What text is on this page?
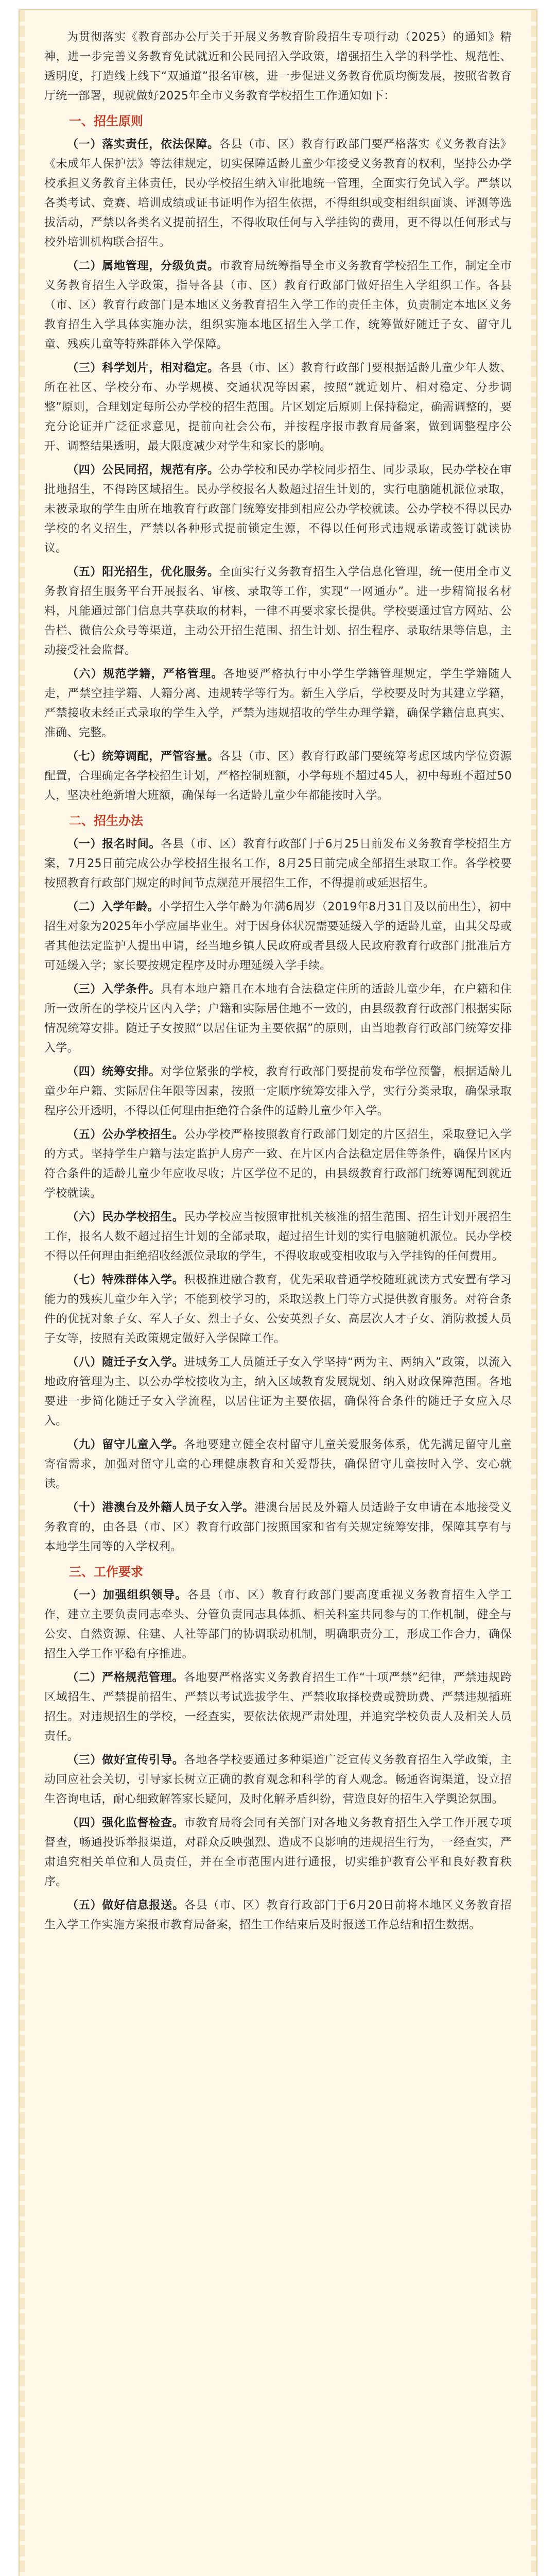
为贯彻落实《教育部办公厅关于开展义务教育阶段招生专项行动（2025）的通知》精神，进一步完善义务教育免试就近和公民同招入学政策，增强招生入学的科学性、规范性、透明度，打造线上线下“双通道”报名审核，进一步促进义务教育优质均衡发展，按照省教育厅统一部署，现就做好2025年全市义务教育学校招生工作通知如下：

一、招生原则

（一）落实责任，依法保障。各县（市、区）教育行政部门要严格落实《义务教育法》《未成年人保护法》等法律规定，切实保障适龄儿童少年接受义务教育的权利，坚持公办学校承担义务教育主体责任，民办学校招生纳入审批地统一管理，全面实行免试入学。严禁以各类考试、竞赛、培训成绩或证书证明作为招生依据，不得组织或变相组织面谈、评测等选拔活动，严禁以各类名义提前招生，不得收取任何与入学挂钩的费用，更不得以任何形式与校外培训机构联合招生。

（二）属地管理，分级负责。市教育局统筹指导全市义务教育学校招生工作，制定全市义务教育招生入学政策，指导各县（市、区）教育行政部门做好招生入学组织工作。各县（市、区）教育行政部门是本地区义务教育招生入学工作的责任主体，负责制定本地区义务教育招生入学具体实施办法，组织实施本地区招生入学工作，统筹做好随迁子女、留守儿童、残疾儿童等特殊群体入学保障。

（三）科学划片，相对稳定。各县（市、区）教育行政部门要根据适龄儿童少年人数、所在社区、学校分布、办学规模、交通状况等因素，按照“就近划片、相对稳定、分步调整”原则，合理划定每所公办学校的招生范围。片区划定后原则上保持稳定，确需调整的，要充分论证并广泛征求意见，提前向社会公布，并按程序报市教育局备案，做到调整程序公开、调整结果透明，最大限度减少对学生和家长的影响。

（四）公民同招，规范有序。公办学校和民办学校同步招生、同步录取，民办学校在审批地招生，不得跨区域招生。民办学校报名人数超过招生计划的，实行电脑随机派位录取，未被录取的学生由所在地教育行政部门统筹安排到相应公办学校就读。公办学校不得以民办学校的名义招生，严禁以各种形式提前锁定生源，不得以任何形式违规承诺或签订就读协议。

（五）阳光招生，优化服务。全面实行义务教育招生入学信息化管理，统一使用全市义务教育招生服务平台开展报名、审核、录取等工作，实现“一网通办”。进一步精简报名材料，凡能通过部门信息共享获取的材料，一律不再要求家长提供。学校要通过官方网站、公告栏、微信公众号等渠道，主动公开招生范围、招生计划、招生程序、录取结果等信息，主动接受社会监督。

（六）规范学籍，严格管理。各地要严格执行中小学生学籍管理规定，学生学籍随人走，严禁空挂学籍、人籍分离、违规转学等行为。新生入学后，学校要及时为其建立学籍，严禁接收未经正式录取的学生入学，严禁为违规招收的学生办理学籍，确保学籍信息真实、准确、完整。

（七）统筹调配，严管容量。各县（市、区）教育行政部门要统筹考虑区域内学位资源配置，合理确定各学校招生计划，严格控制班额，小学每班不超过45人，初中每班不超过50人，坚决杜绝新增大班额，确保每一名适龄儿童少年都能按时入学。

二、招生办法

（一）报名时间。各县（市、区）教育行政部门于6月25日前发布义务教育学校招生方案，7月25日前完成公办学校招生报名工作，8月25日前完成全部招生录取工作。各学校要按照教育行政部门规定的时间节点规范开展招生工作，不得提前或延迟招生。

（二）入学年龄。小学招生入学年龄为年满6周岁（2019年8月31日及以前出生），初中招生对象为2025年小学应届毕业生。对于因身体状况需要延缓入学的适龄儿童，由其父母或者其他法定监护人提出申请，经当地乡镇人民政府或者县级人民政府教育行政部门批准后方可延缓入学；家长要按规定程序及时办理延缓入学手续。

（三）入学条件。具有本地户籍且在本地有合法稳定住所的适龄儿童少年，在户籍和住所一致所在的学校片区内入学；户籍和实际居住地不一致的，由县级教育行政部门根据实际情况统筹安排。随迁子女按照“以居住证为主要依据”的原则，由当地教育行政部门统筹安排入学。

（四）统筹安排。对学位紧张的学校，教育行政部门要提前发布学位预警，根据适龄儿童少年户籍、实际居住年限等因素，按照一定顺序统筹安排入学，实行分类录取，确保录取程序公开透明，不得以任何理由拒绝符合条件的适龄儿童少年入学。

（五）公办学校招生。公办学校严格按照教育行政部门划定的片区招生，采取登记入学的方式。坚持学生户籍与法定监护人房产一致、在片区内合法稳定居住等条件，确保片区内符合条件的适龄儿童少年应收尽收；片区学位不足的，由县级教育行政部门统筹调配到就近学校就读。

（六）民办学校招生。民办学校应当按照审批机关核准的招生范围、招生计划开展招生工作，报名人数不超过招生计划的全部录取，超过招生计划的实行电脑随机派位。民办学校不得以任何理由拒绝招收经派位录取的学生，不得收取或变相收取与入学挂钩的任何费用。

（七）特殊群体入学。积极推进融合教育，优先采取普通学校随班就读方式安置有学习能力的残疾儿童少年入学；不能到校学习的，采取送教上门等方式提供教育服务。对符合条件的优抚对象子女、军人子女、烈士子女、公安英烈子女、高层次人才子女、消防救援人员子女等，按照有关政策规定做好入学保障工作。

（八）随迁子女入学。进城务工人员随迁子女入学坚持“两为主、两纳入”政策，以流入地政府管理为主、以公办学校接收为主，纳入区域教育发展规划、纳入财政保障范围。各地要进一步简化随迁子女入学流程，以居住证为主要依据，确保符合条件的随迁子女应入尽入。

（九）留守儿童入学。各地要建立健全农村留守儿童关爱服务体系，优先满足留守儿童寄宿需求，加强对留守儿童的心理健康教育和关爱帮扶，确保留守儿童按时入学、安心就读。

（十）港澳台及外籍人员子女入学。港澳台居民及外籍人员适龄子女申请在本地接受义务教育的，由各县（市、区）教育行政部门按照国家和省有关规定统筹安排，保障其享有与本地学生同等的入学权利。

三、工作要求

（一）加强组织领导。各县（市、区）教育行政部门要高度重视义务教育招生入学工作，建立主要负责同志牵头、分管负责同志具体抓、相关科室共同参与的工作机制，健全与公安、自然资源、住建、人社等部门的协调联动机制，明确职责分工，形成工作合力，确保招生入学工作平稳有序推进。

（二）严格规范管理。各地要严格落实义务教育招生工作“十项严禁”纪律，严禁违规跨区域招生、严禁提前招生、严禁以考试选拔学生、严禁收取择校费或赞助费、严禁违规插班招生。对违规招生的学校，一经查实，要依法依规严肃处理，并追究学校负责人及相关人员责任。

（三）做好宣传引导。各地各学校要通过多种渠道广泛宣传义务教育招生入学政策，主动回应社会关切，引导家长树立正确的教育观念和科学的育人观念。畅通咨询渠道，设立招生咨询电话，耐心细致解答家长疑问，及时化解矛盾纠纷，营造良好的招生入学舆论氛围。

（四）强化监督检查。市教育局将会同有关部门对各地义务教育招生入学工作开展专项督查，畅通投诉举报渠道，对群众反映强烈、造成不良影响的违规招生行为，一经查实，严肃追究相关单位和人员责任，并在全市范围内进行通报，切实维护教育公平和良好教育秩序。

（五）做好信息报送。各县（市、区）教育行政部门于6月20日前将本地区义务教育招生入学工作实施方案报市教育局备案，招生工作结束后及时报送工作总结和招生数据。
